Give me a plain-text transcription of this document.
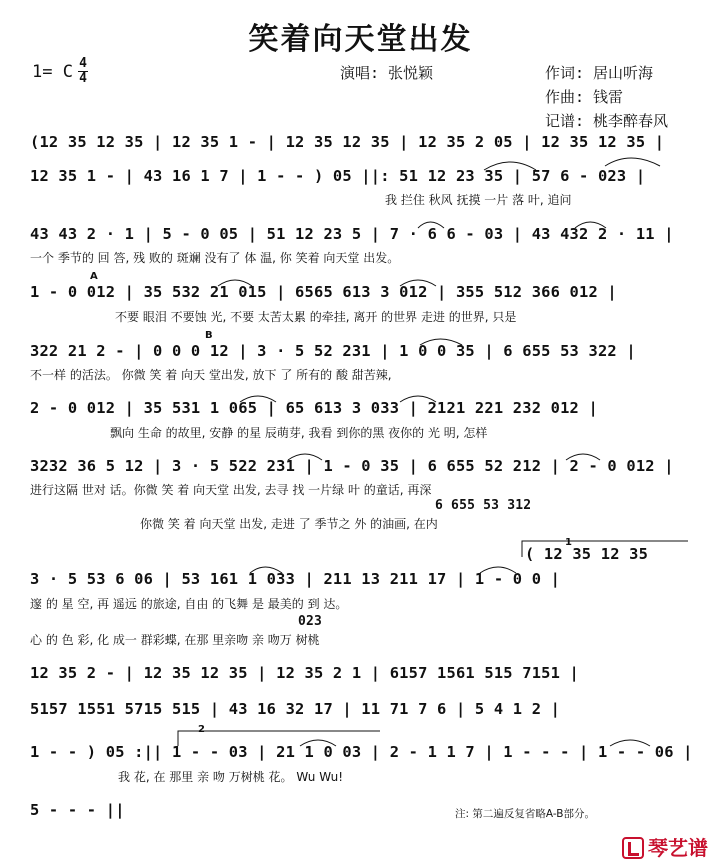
笑着向天堂出发
1= C 4
4	演唱: 张悦颖	作词: 居山听海
作曲: 钱雷
记谱: 桃李醉春风
(12 35 12 35 | 12 35 1 - | 12 35 12 35 | 12 35 2 05 | 12 35 12 35 |
12 35 1 - | 43 16 1 7 | 1 - - ) 05 ||: 51 12 23 35 | 57 6 - 023 |
我 拦住 秋风 抚摸 一片 落 叶, 追问
43 43 2 · 1 | 5 - 0 05 | 51 12 23 5 | 7 · 6 6 - 03 | 43 432 2 · 11 |
一个 季节的 回 答, 残 败的 斑斓 没有了 体 温, 你 笑着 向天堂 出发。
A
1 - 0 012 | 35 532 21 015 | 6565 613 3 012 | 355 512 366 012 |
不要 眼泪 不要蚀 光, 不要 太苦太累 的牵挂, 离开 的世界 走进 的世界, 只是
B
322 21 2 - | 0 0 0 12 | 3 · 5 52 231 | 1 0 0 35 | 6 655 53 322 |
不一样 的活法。 你微 笑 着 向天 堂出发, 放下 了 所有的 酸 甜苦辣,
2 - 0 012 | 35 531 1 065 | 65 613 3 033 | 2121 221 232 012 |
飘向 生命 的故里, 安静 的星 辰萌芽, 我看 到你的黑 夜你的 光 明, 怎样
3232 36 5 12 | 3 · 5 522 231 | 1 - 0 35 | 6 655 52 212 | 2 - 0 012 |
进行这隔 世对 话。你微 笑 着 向天堂 出发, 去寻 找 一片绿 叶 的童话, 再深
6 655 53 312
你微 笑 着 向天堂 出发, 走进 了 季节之 外 的油画, 在内
1
( 12 35 12 35
3 · 5 53 6 06 | 53 161 1 033 | 211 13 211 17 | 1 - 0 0 |
邃 的 星 空, 再 遥远 的旅途, 自由 的飞舞 是 最美的 到 达。
023
心 的 色 彩, 化 成一 群彩蝶, 在那 里亲吻 亲 吻万 树桃
12 35 2 - | 12 35 12 35 | 12 35 2 1 | 6157 1561 515 7151 |
5157 1551 5715 515 | 43 16 32 17 | 11 71 7 6 | 5 4 1 2 |
2
1 - - ) 05 :|| 1 - - 03 | 21 1 0 03 | 2 - 1 1 7 | 1 - - - | 1 - - 06 |
我 花, 在 那里 亲 吻 万树桃 花。 Wu Wu!
5 - - - ||	注: 第二遍反复省略A-B部分。
琴艺谱
